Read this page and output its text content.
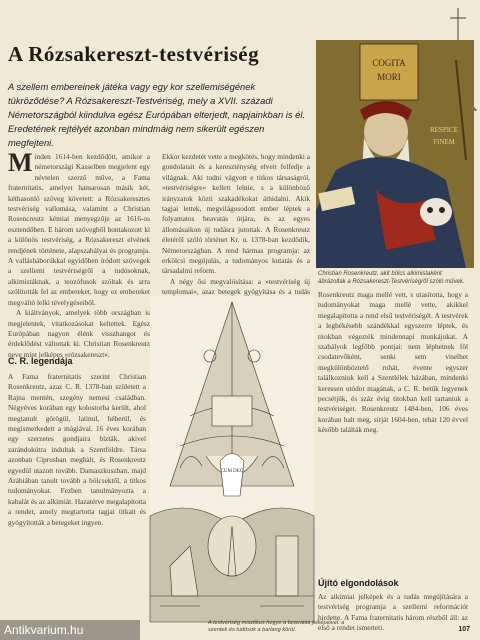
A Rózsakereszt-testvériség
A szellem embereinek játéka vagy egy kor szellemiségének tükröződése? A Rózsakereszt-Testvériség, mely a XVII. századi Németországból kiindulva egész Európában elterjedt, napjainkban is él. Eredetének rejtélyét azonban mindmáig nem sikerült egészen megfejteni.
Minden 1614-ben kezdődött, amikor a németországi Kasselben megjelent egy névtelen szerző műve, a Fama fraternitatis, amelyet hamarosan másik két, kéthasonló szöveg követett: a Rózsakeresztes testvériség vallomása, valamint a Christian Rosencreutz kémiai menyegzője az 1616-os esztendőben. E három szövegből bontakozott ki a különös testvériség, a Rózsakereszt elvének rendjének története, alapszabályai és programja. A vallásháborúkkal egyidőben íródott szövegek a szellemi testvériségről a tudósoknak, alkimistáknak, a teozófusok szóltak és arra szólították fel az embereket, hogy ez embereket megváltó lelki tévelygéseiből.
A kiáltványok, amelyek több országban is megjelentek, vitatkozásokat keltettek. Egész Európában nagyon élénk visszhangot és érdeklődést váltottak ki. Christian Rosenkreutz neve mint jelképes »rózsakereszt«.
Ekkor kezdetét vette a megkötés, hogy mindenki a gondolatait és a kereszténység elveit felfedje a világnak. Aki tudni vágyott e titkos társaságról, »testvériségre« kellett lelnie, s a különböző irányzatok közti szakadékokat áthidalni. Akik tagjai lettek, megvilágosodott ember léptek a folyamatos beavatás útjára, és az egyes állomásaikon új tudásra jutottak. A Rosenkreutz életéről szóló történet Kr. u. 1378-ban kezdődik, Németországban. A rend hármas programja: az erkölcsi megújulás, a tudományos kutatás és a társadalmi reform.
A négy ősi megvalósítása: a »testvériség új templomai«, azaz betegek gyógyítása és a tudás
C. R. legendája
A Fama fraternitatis szerint Christian Rosenkreutz, azaz C. R. 1378-ban született a Rajna mentén, szegény nemesi családban. Négyéves korában egy kolostorba került, ahol megtanult görögül, latinul, héberül, és megismerkedett a mágiával. 16 éves korában egy szerzetes gondjaira bízták, akivel zarándokútra indultak a Szentföldre. Társa azonban Ciprusban meghalt, és Rosenkreutz egyedül utazott tovább. Damaszkuszban, majd Arábiában tanult tovább a bölcsektől, a titkos tudományokat. Fezben tanulmányozta a kabalát és az alkímiát. Hazatérve megalapította a rendet, amely megtartotta tagjai titkait és gyógyították a betegeket ingyen.
Rosenkreutz maga mellé vett, s utasította, hogy a tudományokat maga mellé vette, akikkel megalapította a rend első testvériségét. A testvérek a legbékésebb szándékkal egyszerre léptek, és titokban végezték mindennapi munkájukat. A szabályok legfőbb pontjai: nem léphetnek föl csodatevőként, senki sem viselhet megkülönböztető ruhát, évente egyszer találkozniuk kell a Szentlélek házában, mindenki keressen utódot magának, a C. R. betűk legyenek pecsétjük, és száz évig titokban kell tartaniuk a testvériséget. Rosenkreutz 1484-ben, 106 éves korában halt meg, sírját 1604-ben, tehát 120 évvel később találták meg.
Újító elgondolások
Az alkímiai jelképek és a tudás megújítására a testvériség programja a szellemi reformációt hirdette. A Fama fraternitatis három részből áll: az első a rendet ismerteti.
COGITA
MORI
RESPICE
FINEM
Christian Rosenkreutz, akit bölcs alkimistaként ábrázoltak a Rózsakereszt-Testvériségről szóló művek.
CUM DEO
A testvériség misztikus hegye a beavatás jelképeivel: a szentek és tudósok a barlang körül.	107
Antikvarium.hu
